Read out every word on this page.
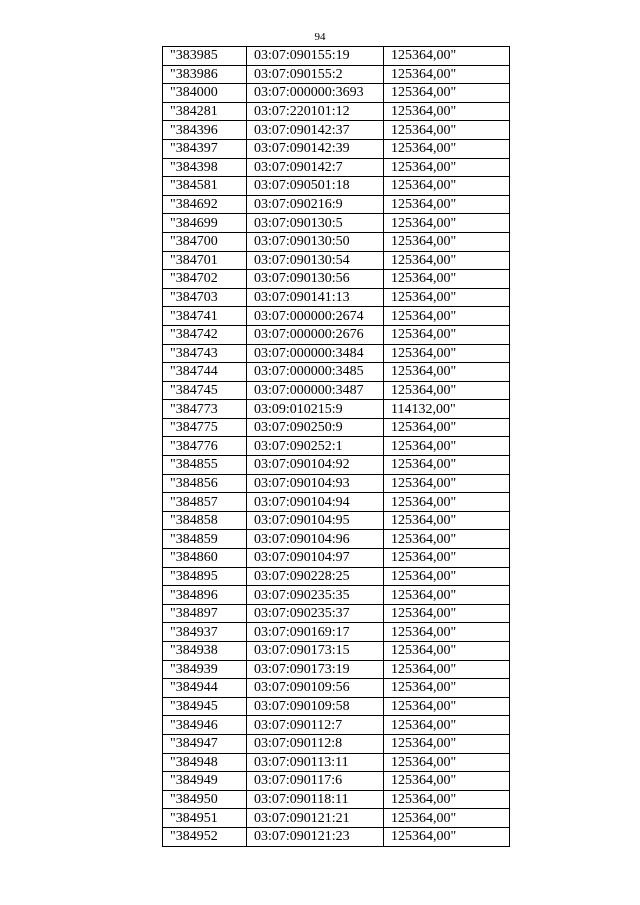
94
"383985	03:07:090155:19	125364,00"
"383986	03:07:090155:2	125364,00"
"384000	03:07:000000:3693	125364,00"
"384281	03:07:220101:12	125364,00"
"384396	03:07:090142:37	125364,00"
"384397	03:07:090142:39	125364,00"
"384398	03:07:090142:7	125364,00"
"384581	03:07:090501:18	125364,00"
"384692	03:07:090216:9	125364,00"
"384699	03:07:090130:5	125364,00"
"384700	03:07:090130:50	125364,00"
"384701	03:07:090130:54	125364,00"
"384702	03:07:090130:56	125364,00"
"384703	03:07:090141:13	125364,00"
"384741	03:07:000000:2674	125364,00"
"384742	03:07:000000:2676	125364,00"
"384743	03:07:000000:3484	125364,00"
"384744	03:07:000000:3485	125364,00"
"384745	03:07:000000:3487	125364,00"
"384773	03:09:010215:9	114132,00"
"384775	03:07:090250:9	125364,00"
"384776	03:07:090252:1	125364,00"
"384855	03:07:090104:92	125364,00"
"384856	03:07:090104:93	125364,00"
"384857	03:07:090104:94	125364,00"
"384858	03:07:090104:95	125364,00"
"384859	03:07:090104:96	125364,00"
"384860	03:07:090104:97	125364,00"
"384895	03:07:090228:25	125364,00"
"384896	03:07:090235:35	125364,00"
"384897	03:07:090235:37	125364,00"
"384937	03:07:090169:17	125364,00"
"384938	03:07:090173:15	125364,00"
"384939	03:07:090173:19	125364,00"
"384944	03:07:090109:56	125364,00"
"384945	03:07:090109:58	125364,00"
"384946	03:07:090112:7	125364,00"
"384947	03:07:090112:8	125364,00"
"384948	03:07:090113:11	125364,00"
"384949	03:07:090117:6	125364,00"
"384950	03:07:090118:11	125364,00"
"384951	03:07:090121:21	125364,00"
"384952	03:07:090121:23	125364,00"
